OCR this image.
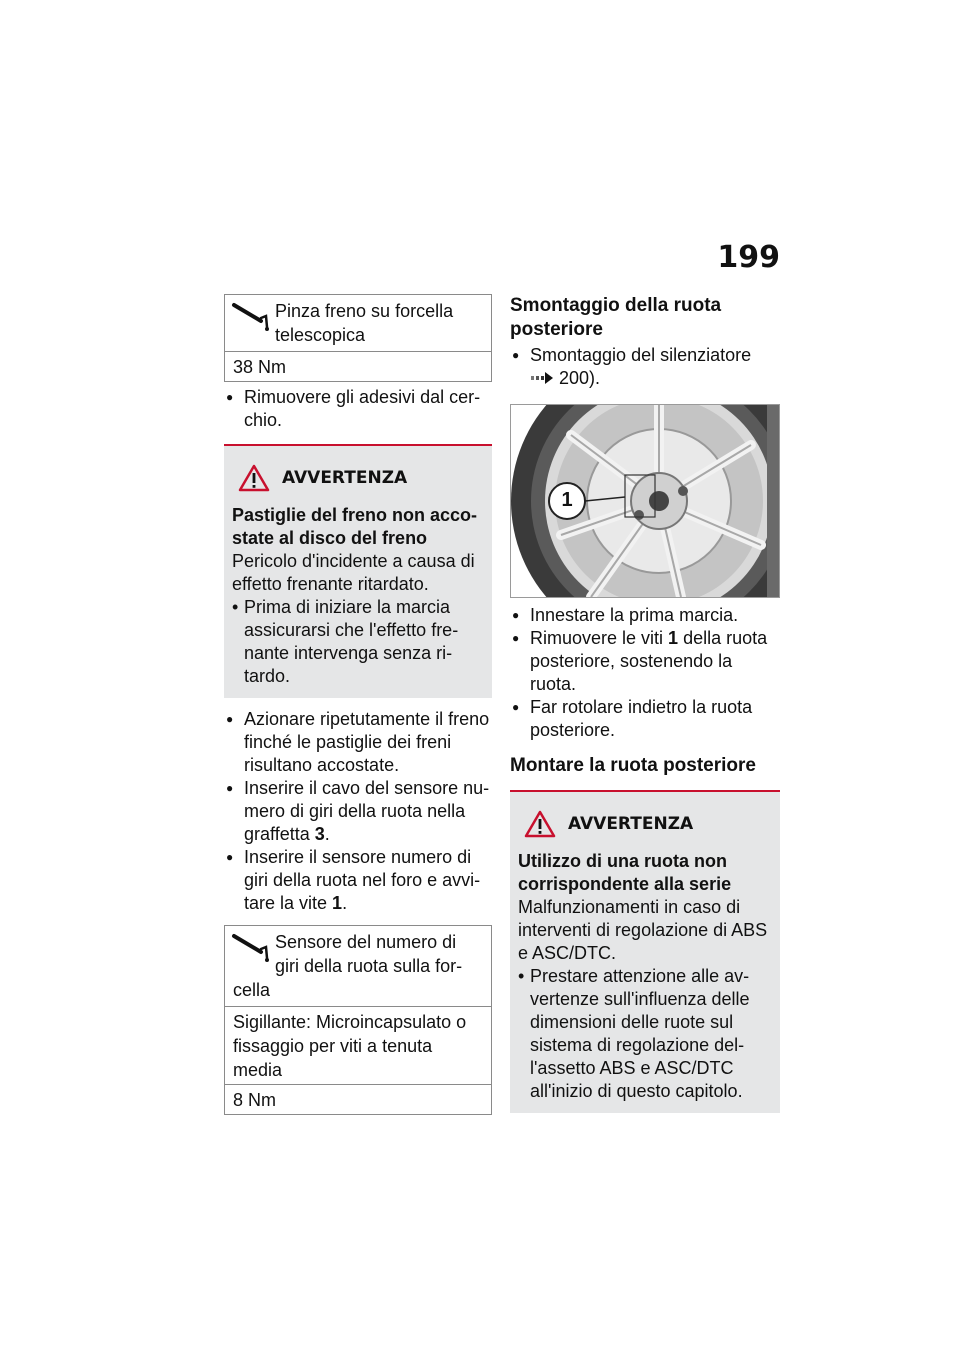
199
Pinza freno su forcella telescopica
38 Nm
● Rimuovere gli adesivi dal cer-chio.
AVVERTENZA
Pastiglie del freno non acco-state al disco del freno
Pericolo d'incidente a causa di effetto frenante ritardato.
• Prima di iniziare la marcia assicurarsi che l'effetto fre-nante intervenga senza ri-tardo.
● Azionare ripetutamente il freno finché le pastiglie dei freni risultano accostate.
● Inserire il cavo del sensore nu-mero di giri della ruota nella graffetta 3.
● Inserire il sensore numero di giri della ruota nel foro e avvi-tare la vite 1.
Sensore del numero di giri della ruota sulla for-
cella
Sigillante: Microincapsulato o fissaggio per viti a tenuta media
8 Nm
Smontaggio della ruota posteriore
● Smontaggio del silenziatore
200).
1
● Innestare la prima marcia.
● Rimuovere le viti 1 della ruota posteriore, sostenendo la ruota.
● Far rotolare indietro la ruota posteriore.
Montare la ruota posteriore
AVVERTENZA
Utilizzo di una ruota non corrispondente alla serie
Malfunzionamenti in caso di interventi di regolazione di ABS e ASC/DTC.
• Prestare attenzione alle av-vertenze sull'influenza delle dimensioni delle ruote sul sistema di regolazione del-l'assetto ABS e ASC/DTC all'inizio di questo capitolo.
